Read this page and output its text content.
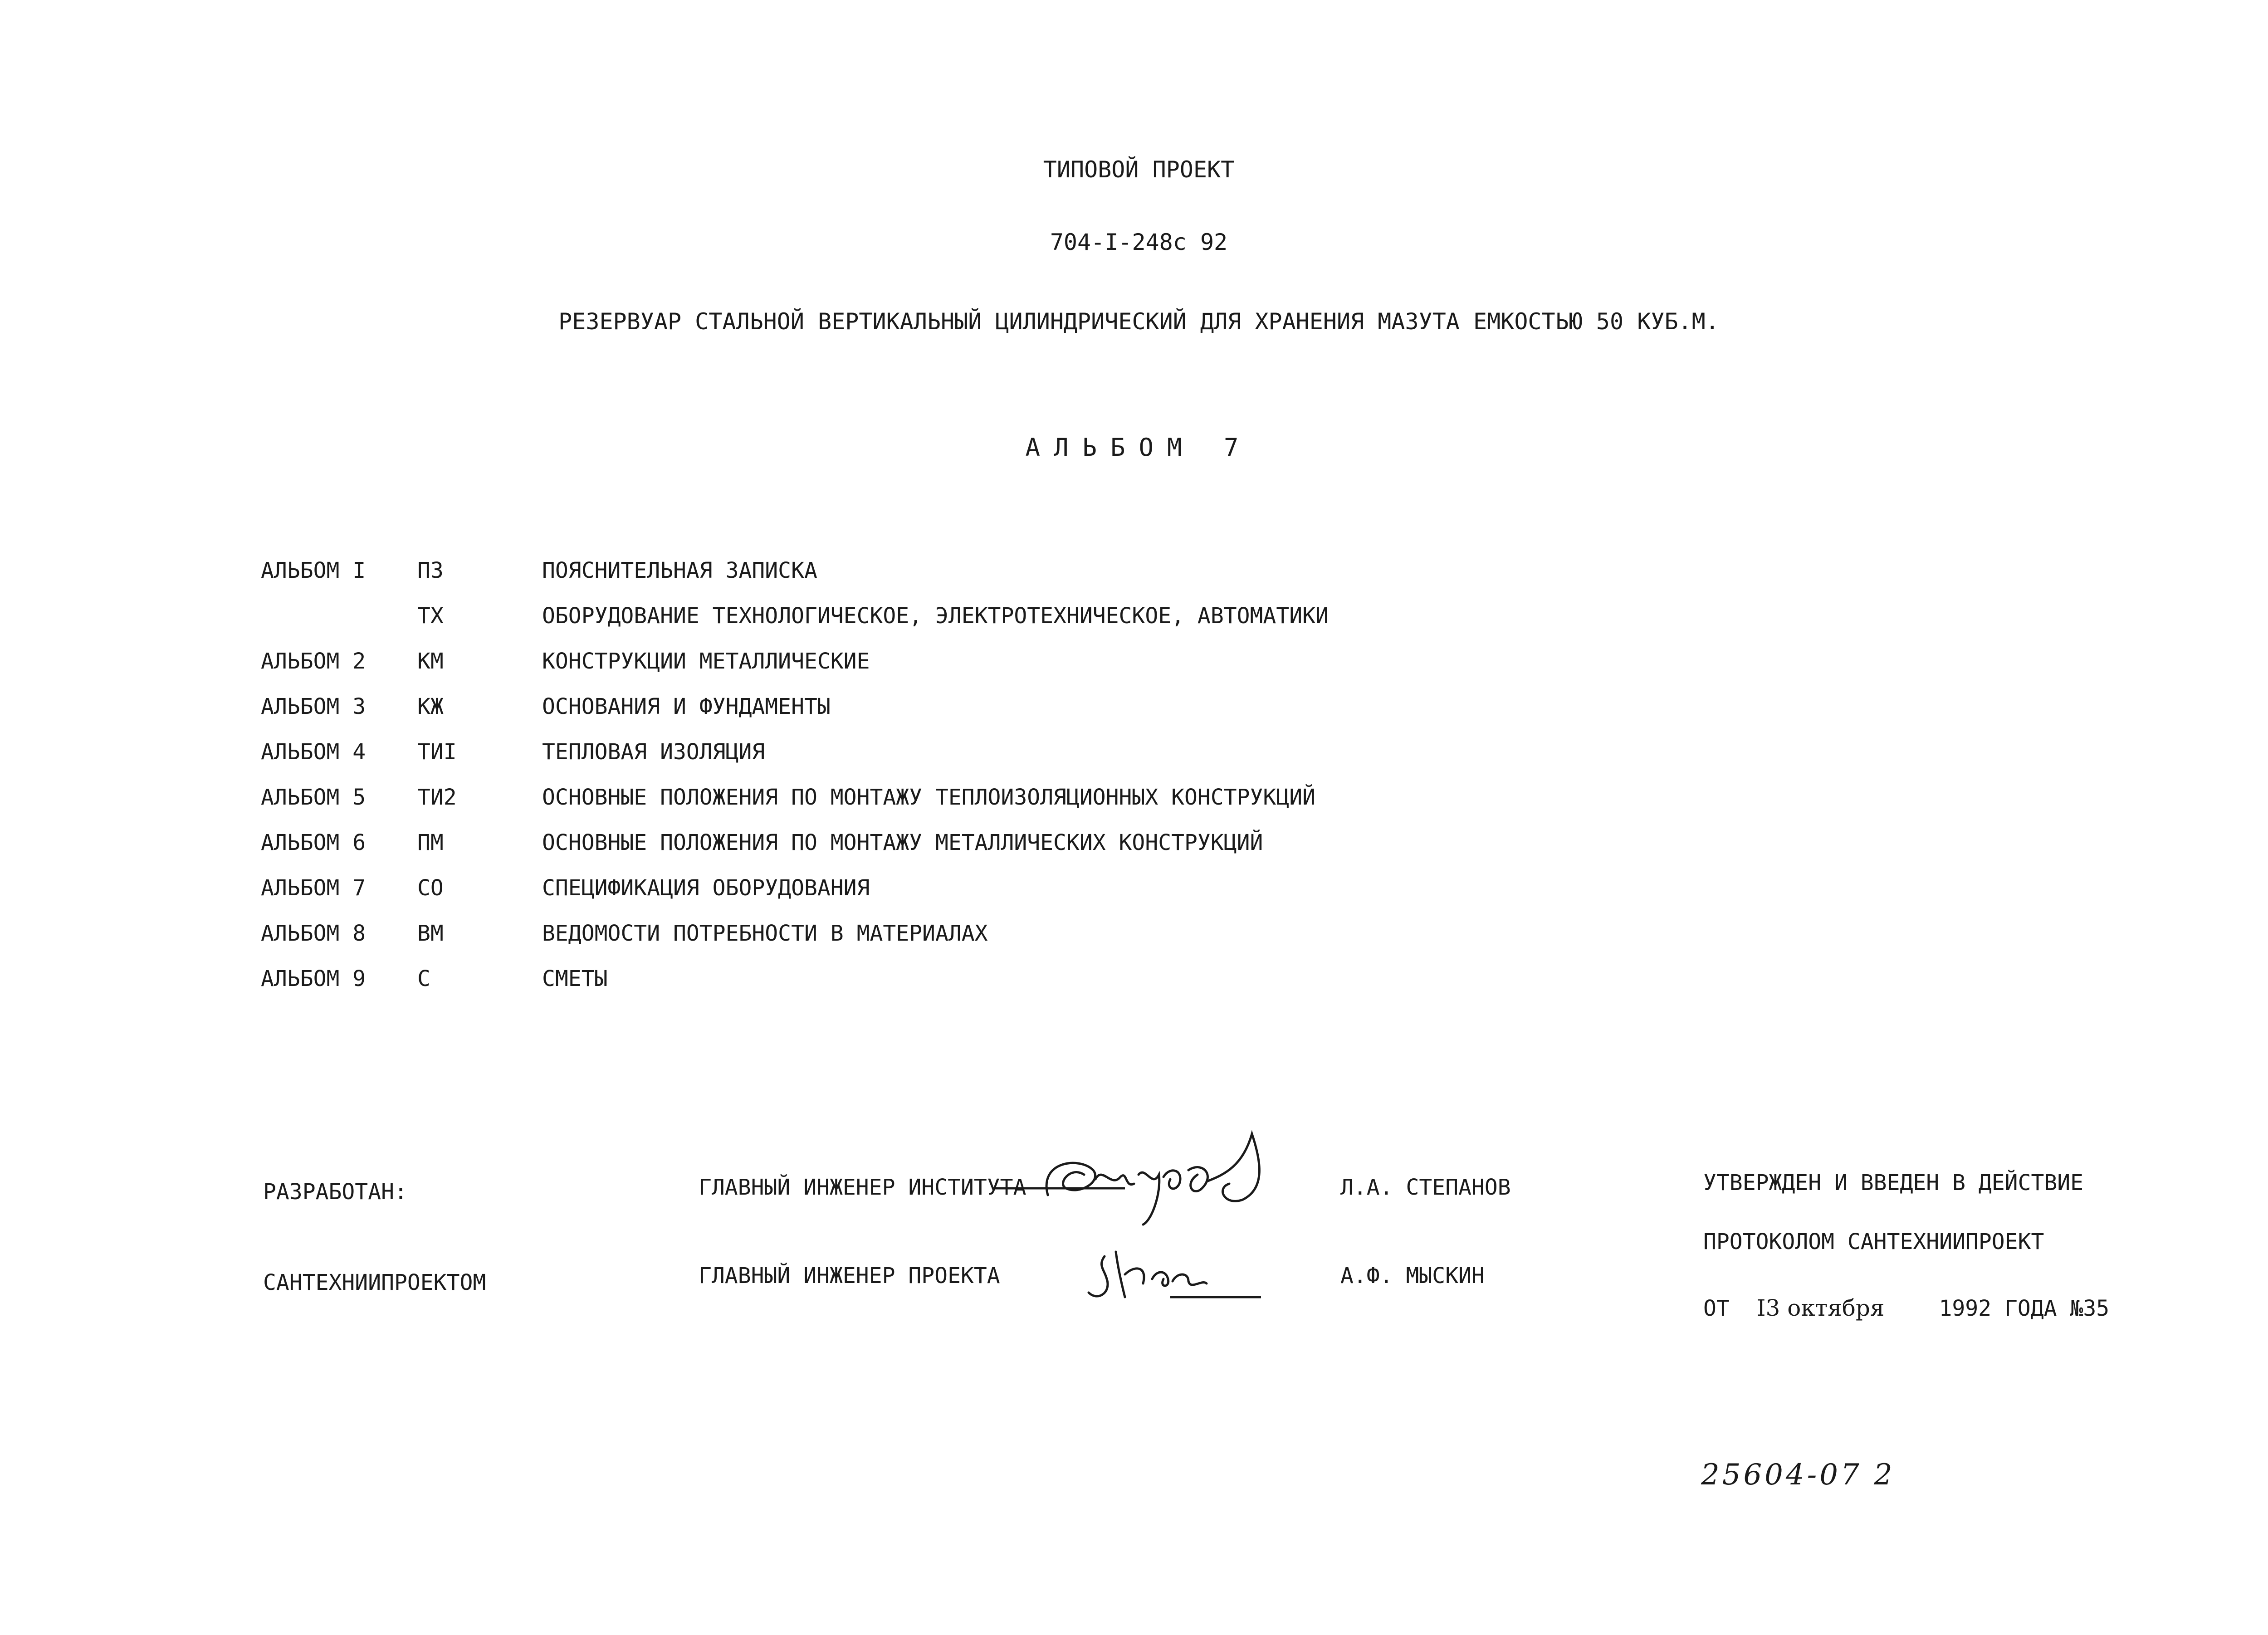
ТИПОВОЙ ПРОЕКТ
704-I-248с 92
РЕЗЕРВУАР СТАЛЬНОЙ ВЕРТИКАЛЬНЫЙ ЦИЛИНДРИЧЕСКИЙ ДЛЯ ХРАНЕНИЯ МАЗУТА ЕМКОСТЬЮ 50 КУБ.М.
АЛЬБОМ 7
АЛЬБОМ I ПЗ	ПОЯСНИТЕЛЬНАЯ ЗАПИСКА
ТХ	ОБОРУДОВАНИЕ ТЕХНОЛОГИЧЕСКОЕ, ЭЛЕКТРОТЕХНИЧЕСКОЕ, АВТОМАТИКИ
АЛЬБОМ 2 КМ	КОНСТРУКЦИИ МЕТАЛЛИЧЕСКИЕ
АЛЬБОМ 3 КЖ	ОСНОВАНИЯ И ФУНДАМЕНТЫ
АЛЬБОМ 4 ТИI	ТЕПЛОВАЯ ИЗОЛЯЦИЯ
АЛЬБОМ 5 ТИ2	ОСНОВНЫЕ ПОЛОЖЕНИЯ ПО МОНТАЖУ ТЕПЛОИЗОЛЯЦИОННЫХ КОНСТРУКЦИЙ
АЛЬБОМ 6 ПМ	ОСНОВНЫЕ ПОЛОЖЕНИЯ ПО МОНТАЖУ МЕТАЛЛИЧЕСКИХ КОНСТРУКЦИЙ
АЛЬБОМ 7 СО	СПЕЦИФИКАЦИЯ ОБОРУДОВАНИЯ
АЛЬБОМ 8 ВМ	ВЕДОМОСТИ ПОТРЕБНОСТИ В МАТЕРИАЛАХ
АЛЬБОМ 9 С	СМЕТЫ
РАЗРАБОТАН:
САНТЕХНИИПРОЕКТОМ
ГЛАВНЫЙ ИНЖЕНЕР ИНСТИТУТА	Л.А. СТЕПАНОВ
ГЛАВНЫЙ ИНЖЕНЕР ПРОЕКТА	А.Ф. МЫСКИН
УТВЕРЖДЕН И ВВЕДЕН В ДЕЙСТВИЕ
ПРОТОКОЛОМ САНТЕХНИИПРОЕКТ
ОТ I3 октября	1992 ГОДА №35
25604-07 2
